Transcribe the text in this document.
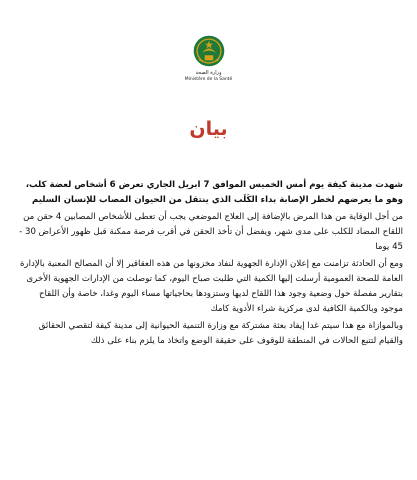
وزارة الصحة
Ministère de la Santé
بيان

شهدت مدينة كيفة يوم أمس الخميس الموافق 7 ابريل الجاري تعرض 6 أشخاص لعضة كلب، وهو ما يعرضهم لخطر الإصابة بداء الكَلَب الذي ينتقل من الحيوان المصاب للإنسان السليم

من أجل الوقاية من هذا المرض بالإضافة إلى العلاج الموضعي يجب أن تعطى للأشخاص المصابين 4 حقن من اللقاح المضاد للكلب على مدى شهر، ويفضل أن تأخذ الحقن في أقرب فرصة ممكنة قبل ظهور الأعراض 30 - 45 يوما

ومع أن الحادثة تزامنت مع إعلان الإدارة الجهوية لنفاد مخزونها من هذه العقاقير إلا أن المصالح المعنية بالإدارة العامة للصحة العمومية أرسلت إليها الكمية التي طلبت صباح اليوم، كما توصلت من الإدارات الجهوية الأخرى بتقارير مفصلة حول وضعية وجود هذا اللقاح لديها وستزودها بحاجياتها مساء اليوم وغدا، خاصة وأن اللقاح موجود وبالكمية الكافية لدى مركزية شراء الأدوية كامك

وبالموازاة مع هذا سيتم غدا إيفاد بعثة مشتركة مع وزارة التنمية الحيوانية إلى مدينة كيفة لتقصي الحقائق والقيام لتتبع الحالات في المنطقة للوقوف على حقيقة الوضع واتخاذ ما يلزم بناء على ذلك
